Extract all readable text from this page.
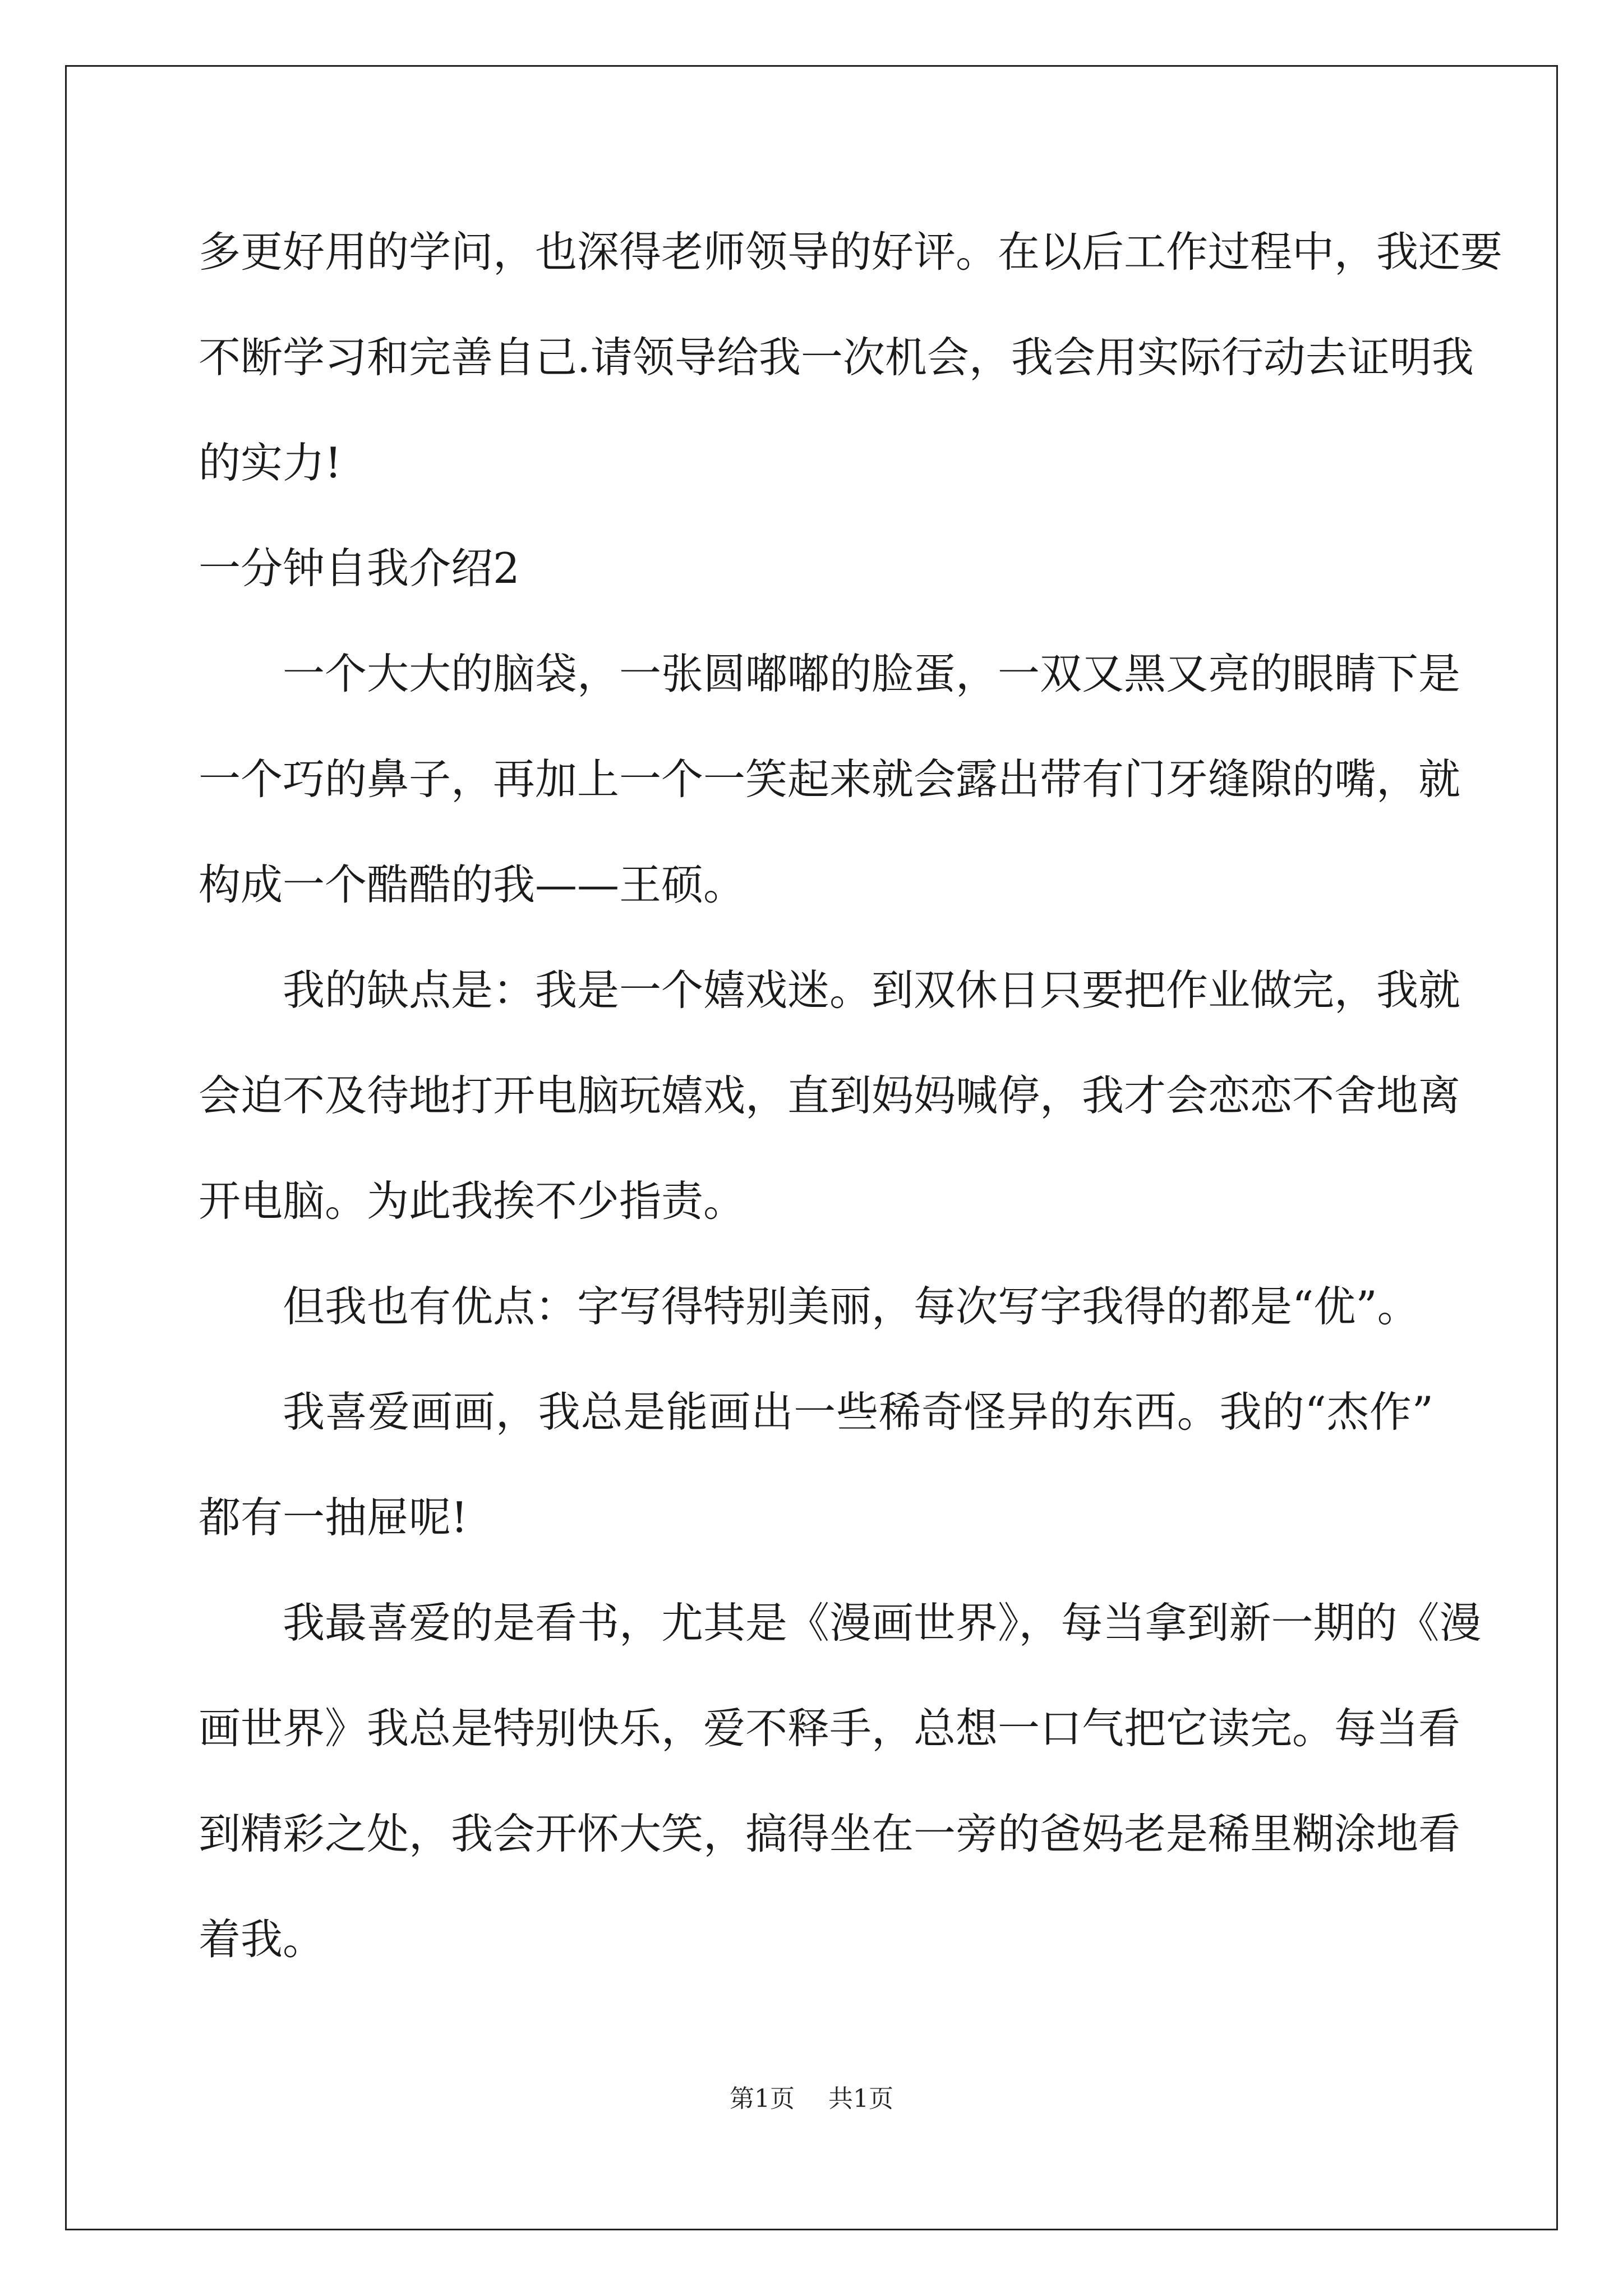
多更好用的学问，也深得老师领导的好评。在以后工作过程中，我还要
不断学习和完善自己.请领导给我一次机会，我会用实际行动去证明我
的实力!
一分钟自我介绍2
一个大大的脑袋，一张圆嘟嘟的脸蛋，一双又黑又亮的眼睛下是
一个巧的鼻子，再加上一个一笑起来就会露出带有门牙缝隙的嘴，就
构成一个酷酷的我——王硕。
我的缺点是：我是一个嬉戏迷。到双休日只要把作业做完，我就
会迫不及待地打开电脑玩嬉戏，直到妈妈喊停，我才会恋恋不舍地离
开电脑。为此我挨不少指责。
但我也有优点：字写得特别美丽，每次写字我得的都是“优”。
我喜爱画画，我总是能画出一些稀奇怪异的东西。我的“杰作”
都有一抽屉呢!
我最喜爱的是看书，尤其是《漫画世界》，每当拿到新一期的《漫
画世界》我总是特别快乐，爱不释手，总想一口气把它读完。每当看
到精彩之处，我会开怀大笑，搞得坐在一旁的爸妈老是稀里糊涂地看
着我。
第1页 共1页
